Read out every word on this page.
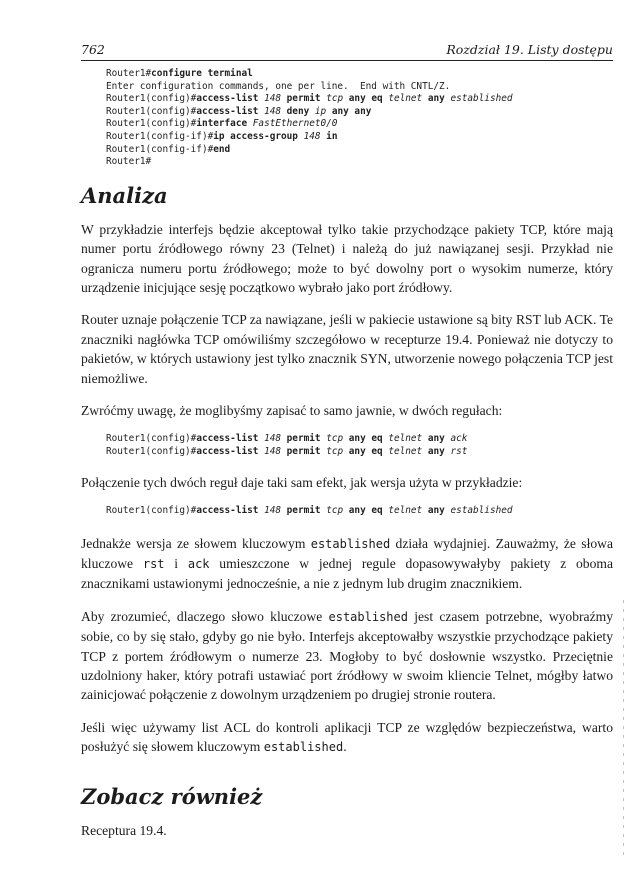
762	Rozdział 19. Listy dostępu
Router1#configure terminal
Enter configuration commands, one per line.  End with CNTL/Z.
Router1(config)#access-list 148 permit tcp any eq telnet any established
Router1(config)#access-list 148 deny ip any any
Router1(config)#interface FastEthernet0/0
Router1(config-if)#ip access-group 148 in
Router1(config-if)#end
Router1#
Analiza

W przykładzie interfejs będzie akceptował tylko takie przychodzące pakiety TCP, które mają numer portu źródłowego równy 23 (Telnet) i należą do już nawiązanej sesji. Przykład nie ogranicza numeru portu źródłowego; może to być dowolny port o wysokim numerze, który urządzenie inicjujące sesję początkowo wybrało jako port źródłowy.

Router uznaje połączenie TCP za nawiązane, jeśli w pakiecie ustawione są bity RST lub ACK. Te znaczniki nagłówka TCP omówiliśmy szczegółowo w recepturze 19.4. Ponieważ nie dotyczy to pakietów, w których ustawiony jest tylko znacznik SYN, utworzenie nowego połączenia TCP jest niemożliwe.

Zwróćmy uwagę, że moglibyśmy zapisać to samo jawnie, w dwóch regułach:

Router1(config)#access-list 148 permit tcp any eq telnet any ack
Router1(config)#access-list 148 permit tcp any eq telnet any rst

Połączenie tych dwóch reguł daje taki sam efekt, jak wersja użyta w przykładzie:

Router1(config)#access-list 148 permit tcp any eq telnet any established

Jednakże wersja ze słowem kluczowym established działa wydajniej. Zauważmy, że słowa kluczowe rst i ack umieszczone w jednej regule dopasowywałyby pakiety z oboma znacznikami ustawionymi jednocześnie, a nie z jednym lub drugim znacznikiem.

Aby zrozumieć, dlaczego słowo kluczowe established jest czasem potrzebne, wyobraźmy sobie, co by się stało, gdyby go nie było. Interfejs akceptowałby wszystkie przychodzące pakiety TCP z portem źródłowym o numerze 23. Mogłoby to być dosłownie wszystko. Przeciętnie uzdolniony haker, który potrafi ustawiać port źródłowy w swoim kliencie Telnet, mógłby łatwo zainicjować połączenie z dowolnym urządzeniem po drugiej stronie routera.

Jeśli więc używamy list ACL do kontroli aplikacji TCP ze względów bezpieczeństwa, warto posłużyć się słowem kluczowym established.

Zobacz również

Receptura 19.4.
